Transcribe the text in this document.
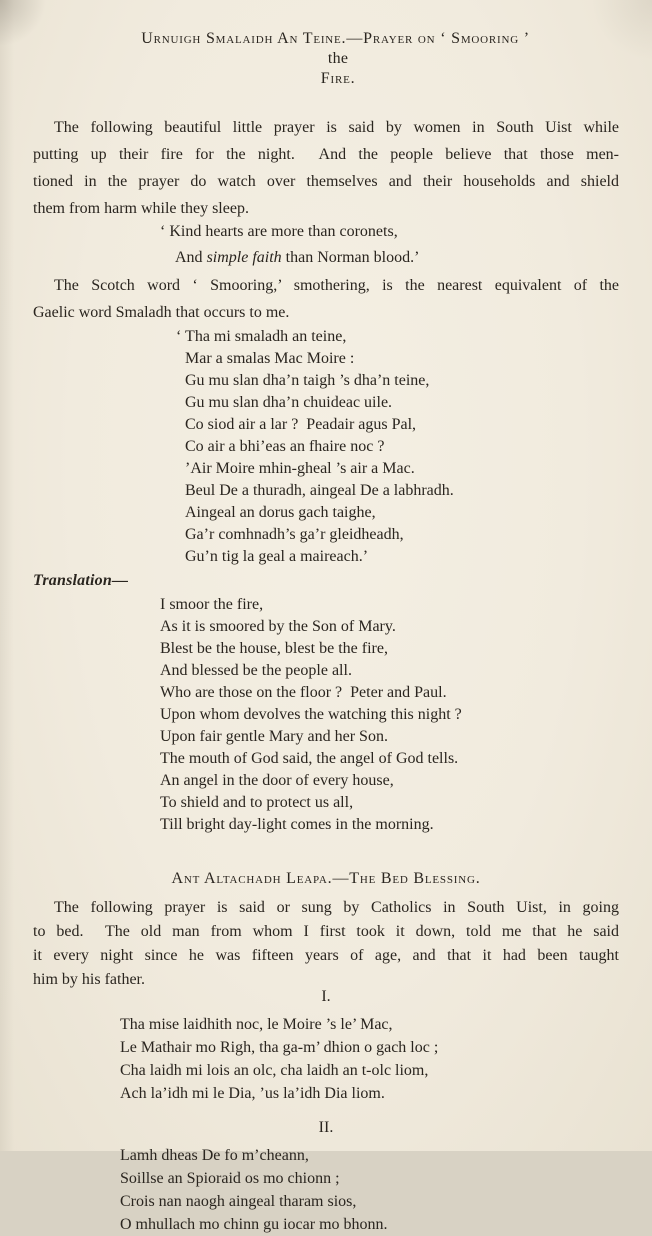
Urnuigh Smalaidh An Teine.—Prayer on ‘ Smooring ’
the
Fire.

The following beautiful little prayer is said by women in South Uist while
putting up their fire for the night.  And the people believe that those men-
tioned in the prayer do watch over themselves and their households and shield
them from harm while they sleep.
‘ Kind hearts are more than coronets,
And simple faith than Norman blood.’
The Scotch word ‘ Smooring,’ smothering, is the nearest equivalent of the
Gaelic word Smaladh that occurs to me.
‘ Tha mi smaladh an teine,
Mar a smalas Mac Moire :
Gu mu slan dha’n taigh ’s dha’n teine,
Gu mu slan dha’n chuideac uile.
Co siod air a lar ?  Peadair agus Pal,
Co air a bhi’eas an fhaire noc ?
’Air Moire mhin-gheal ’s air a Mac.
Beul De a thuradh, aingeal De a labhradh.
Aingeal an dorus gach taighe,
Ga’r comhnadh’s ga’r gleidheadh,
Gu’n tig la geal a maireach.’
Translation—
I smoor the fire,
As it is smoored by the Son of Mary.
Blest be the house, blest be the fire,
And blessed be the people all.
Who are those on the floor ?  Peter and Paul.
Upon whom devolves the watching this night ?
Upon fair gentle Mary and her Son.
The mouth of God said, the angel of God tells.
An angel in the door of every house,
To shield and to protect us all,
Till bright day-light comes in the morning.
Ant Altachadh Leapa.—The Bed Blessing.
The following prayer is said or sung by Catholics in South Uist, in going
to bed.  The old man from whom I first took it down, told me that he said
it every night since he was fifteen years of age, and that it had been taught
him by his father.
I.
Tha mise laidhith noc, le Moire ’s le’ Mac,
Le Mathair mo Righ, tha ga-m’ dhion o gach loc ;
Cha laidh mi lois an olc, cha laidh an t-olc liom,
Ach la’idh mi le Dia, ’us la’idh Dia liom.
II.
Lamh dheas De fo m’cheann,
Soillse an Spioraid os mo chionn ;
Crois nan naogh aingeal tharam sios,
O mhullach mo chinn gu iocar mo bhonn.
